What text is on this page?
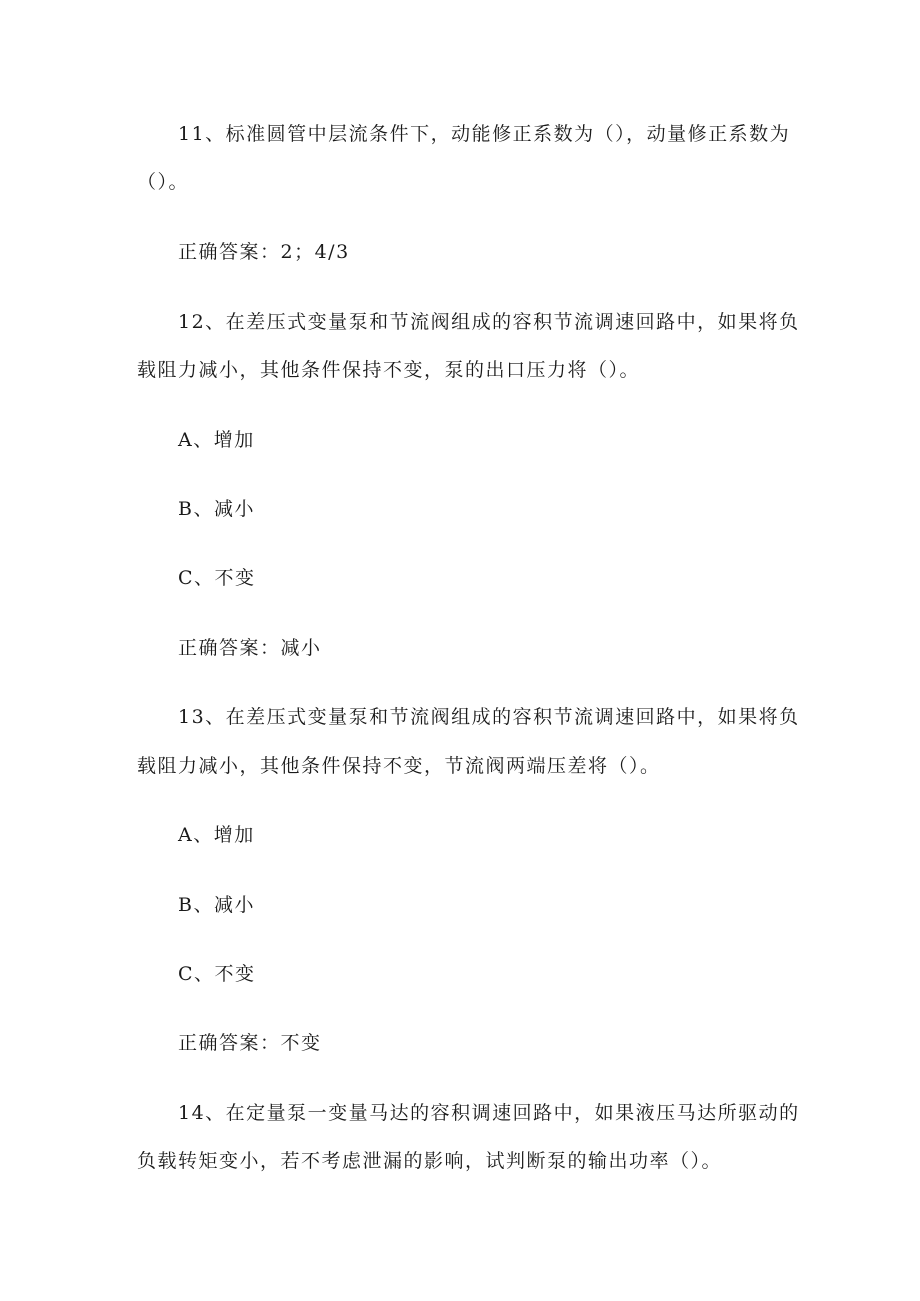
11、标准圆管中层流条件下，动能修正系数为（），动量修正系数为
（）。
正确答案：2；4/3
12、在差压式变量泵和节流阀组成的容积节流调速回路中，如果将负
载阻力减小，其他条件保持不变，泵的出口压力将（）。
A、增加
B、减小
C、不变
正确答案：减小
13、在差压式变量泵和节流阀组成的容积节流调速回路中，如果将负
载阻力减小，其他条件保持不变，节流阀两端压差将（）。
A、增加
B、减小
C、不变
正确答案：不变
14、在定量泵一变量马达的容积调速回路中，如果液压马达所驱动的
负载转矩变小，若不考虑泄漏的影响，试判断泵的输出功率（）。
